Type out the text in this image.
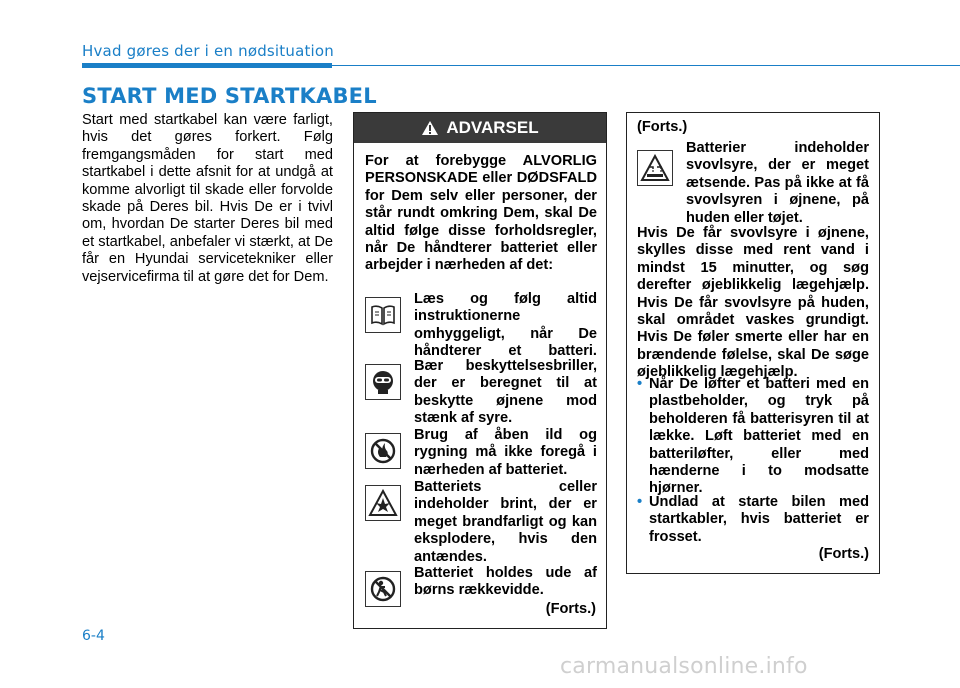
Hvad gøres der i en nødsituation
START MED STARTKABEL
Start med startkabel kan være farligt, hvis det gøres forkert. Følg fremgangsmåden for start med startkabel i dette afsnit for at undgå at komme alvorligt til skade eller forvolde skade på Deres bil. Hvis De er i tvivl om, hvordan De starter Deres bil med et startkabel, anbefaler vi stærkt, at De får en Hyundai servicetekniker eller vejservicefirma til at gøre det for Dem.
ADVARSEL
For at forebygge ALVORLIG PERSONSKADE eller DØDSFALD for Dem selv eller personer, der står rundt omkring Dem, skal De altid følge disse forholdsregler, når De håndterer batteriet eller arbejder i nærheden af det:
Læs og følg altid instruktionerne omhyggeligt, når De håndterer et batteri.
Bær beskyttelsesbriller, der er beregnet til at beskytte øjnene mod stænk af syre.
Brug af åben ild og rygning må ikke foregå i nærheden af batteriet.
Batteriets celler indeholder brint, der er meget brandfarligt og kan eksplodere, hvis den antændes.
Batteriet holdes ude af børns rækkevidde.
(Forts.)
(Forts.)
Batterier indeholder svovlsyre, der er meget ætsende. Pas på ikke at få svovlsyren i øjnene, på huden eller tøjet.
Hvis De får svovlsyre i øjnene, skylles disse med rent vand i mindst 15 minutter, og søg derefter øjeblikkelig lægehjælp. Hvis De får svovlsyre på huden, skal området vaskes grundigt. Hvis De føler smerte eller har en brændende følelse, skal De søge øjeblikkelig lægehjælp.
• Når De løfter et batteri med en plastbeholder, og tryk på beholderen få batterisyren til at lække. Løft batteriet med en batteriløfter, eller med hænderne i to modsatte hjørner.
• Undlad at starte bilen med startkabler, hvis batteriet er frosset.
(Forts.)
6-4
carmanualsonline.info
